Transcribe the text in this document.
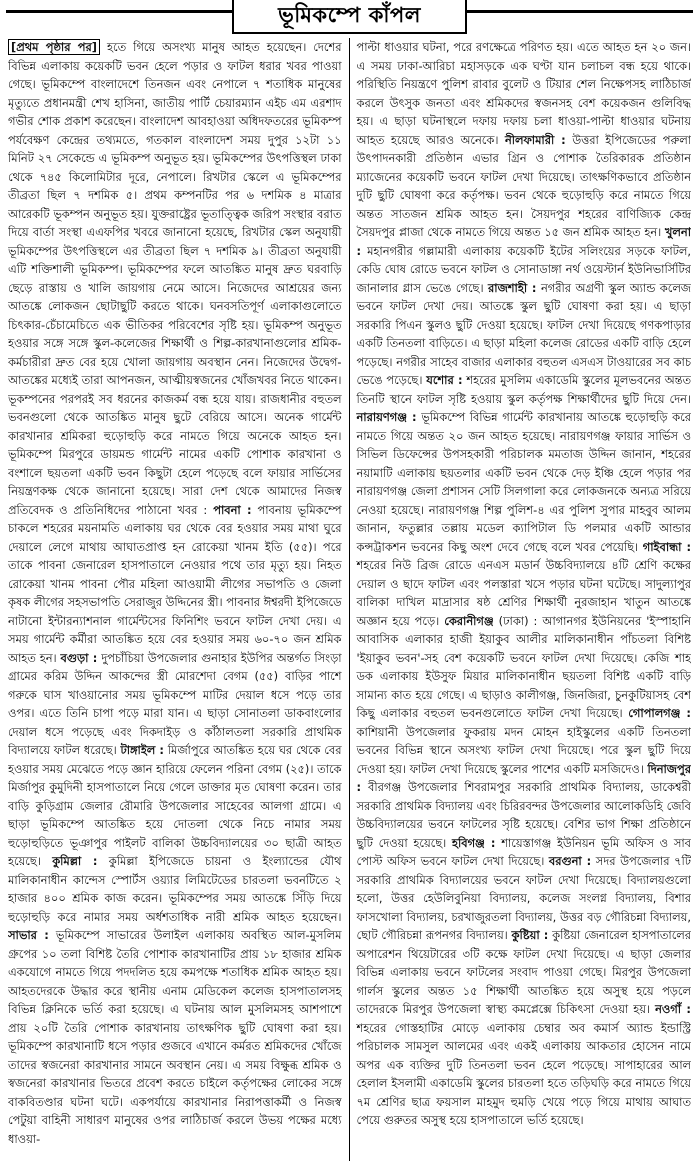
ভূমিকম্পে কাঁপল

[প্রথম পৃষ্ঠার পর] হতে গিয়ে অসংখ্য মানুষ আহত হয়েছেন। দেশের বিভিন্ন এলাকায় কয়েকটি ভবন হেলে পড়ার ও ফাটল ধরার খবর পাওয়া গেছে। ভূমিকম্পে বাংলাদেশে তিনজন এবং নেপালে ৭ শতাধিক মানুষের মৃত্যুতে প্রধানমন্ত্রী শেখ হাসিনা, জাতীয় পার্টি চেয়ারম্যান এইচ এম এরশাদ গভীর শোক প্রকাশ করেছেন। বাংলাদেশ আবহাওয়া অধিদফতরের ভূমিকম্প পর্যবেক্ষণ কেন্দ্রের তথ্যমতে, গতকাল বাংলাদেশ সময় দুপুর ১২টা ১১ মিনিট ২৭ সেকেন্ডে এ ভূমিকম্প অনুভূত হয়। ভূমিকম্পের উৎপত্তিস্থল ঢাকা থেকে ৭৪৫ কিলোমিটার দূরে, নেপালে। রিখটার স্কেলে এ ভূমিকম্পের তীব্রতা ছিল ৭ দশমিক ৫। প্রথম কম্পনটির পর ৬ দশমিক ৪ মাত্রার আরেকটি ভূকম্পন অনুভূত হয়। যুক্তরাষ্ট্রের ভূতাত্ত্বিক জরিপ সংস্থার বরাত দিয়ে বার্তা সংস্থা এএফপির খবরে জানানো হয়েছে, রিখটার স্কেল অনুযায়ী ভূমিকম্পের উৎপত্তিস্থলে এর তীব্রতা ছিল ৭ দশমিক ৯। তীব্রতা অনুযায়ী এটি শক্তিশালী ভূমিকম্প। ভূমিকম্পের ফলে আতঙ্কিত মানুষ দ্রুত ঘরবাড়ি ছেড়ে রাস্তায় ও খালি জায়গায় নেমে আসে। নিজেদের আশ্রয়ের জন্য আতঙ্কে লোকজন ছোটাছুটি করতে থাকে। ঘনবসতিপূর্ণ এলাকাগুলোতে চিৎকার-চেঁচামেচিতে এক ভীতিকর পরিবেশের সৃষ্টি হয়। ভূমিকম্প অনুভূত হওয়ার সঙ্গে সঙ্গে স্কুল-কলেজের শিক্ষার্থী ও শিল্প-কারখানাগুলোর শ্রমিক-কর্মচারীরা দ্রুত বের হয়ে খোলা জায়গায় অবস্থান নেন। নিজেদের উদ্বেগ-আতঙ্কের মধ্যেই তারা আপনজন, আত্মীয়স্বজনের খোঁজখবর নিতে থাকেন। ভূকম্পনের পরপরই সব ধরনের কাজকর্ম বন্ধ হয়ে যায়। রাজধানীর বহুতল ভবনগুলো থেকে আতঙ্কিত মানুষ ছুটে বেরিয়ে আসে। অনেক গার্মেন্ট কারখানার শ্রমিকরা হুড়োহুড়ি করে নামতে গিয়ে অনেকে আহত হন। ভূমিকম্পে মিরপুরে ডায়মন্ড গার্মেন্ট নামের একটি পোশাক কারখানা ও বংশালে ছয়তলা একটি ভবন কিছুটা হেলে পড়েছে বলে ফায়ার সার্ভিসের নিয়ন্ত্রণকক্ষ থেকে জানানো হয়েছে। সারা দেশ থেকে আমাদের নিজস্ব প্রতিবেদক ও প্রতিনিধিদের পাঠানো খবর : পাবনা : পাবনায় ভূমিকম্পে চাকলে শহরের ময়নামতি এলাকায় ঘর থেকে বের হওয়ার সময় মাথা ঘুরে দেয়ালে লেগে মাথায় আঘাতপ্রাপ্ত হন রোকেয়া খানম ইতি (৫৫)। পরে তাকে পাবনা জেনারেল হাসপাতালে নেওয়ার পথে তার মৃত্যু হয়। নিহত রোকেয়া খানম পাবনা পৌর মহিলা আওয়ামী লীগের সভাপতি ও জেলা কৃষক লীগের সহসভাপতি সেরাজুর উদ্দিনের স্ত্রী। পাবনার ঈশ্বরদী ইপিজেডে নাটানো ইন্টারন্যাশনাল গার্মেন্টসের ফিনিশিং ভবনে ফাটল দেখা দেয়। এ সময় গার্মেন্ট কর্মীরা আতঙ্কিত হয়ে বের হওয়ার সময় ৬০-৭০ জন শ্রমিক আহত হন। বগুড়া : দুপচাঁচিয়া উপজেলার গুনাহার ইউপির অন্তর্গত সিংড়া গ্রামের করিম উদ্দিন আকন্দের স্ত্রী মোরশেদা বেগম (৫৫) বাড়ির পাশে গরুকে ঘাস খাওয়ানোর সময় ভূমিকম্পে মাটির দেয়াল ধসে পড়ে তার ওপর। এতে তিনি চাপা পড়ে মারা যান। এ ছাড়া সোনাতলা ডাকবাংলোর দেয়াল ধসে পড়েছে এবং দিকদাইড় ও কাঁঠালতলা সরকারি প্রাথমিক বিদ্যালয়ে ফাটল ধরেছে। টাঙ্গাইল : মির্জাপুরে আতঙ্কিত হয়ে ঘর থেকে বের হওয়ার সময় মেঝেতে পড়ে জ্ঞান হারিয়ে ফেলেন পরিনা বেগম (২৫)। তাকে মির্জাপুর কুমুদিনী হাসপাতালে নিয়ে গেলে ডাক্তার মৃত ঘোষণা করেন। তার বাড়ি কুড়িগ্রাম জেলার রৌমারি উপজেলার সাহেবের আলগা গ্রামে। এ ছাড়া ভূমিকম্পে আতঙ্কিত হয়ে দোতলা থেকে নিচে নামার সময় হুড়োহুড়িতে ভূঞাপুর পাইলট বালিকা উচ্চবিদ্যালয়ের ৩০ ছাত্রী আহত হয়েছে। কুমিল্লা : কুমিল্লা ইপিজেডে চায়না ও ইংল্যান্ডের যৌথ মালিকানাধীন কান্দেস স্পোর্টস ওয়্যার লিমিটেডের চারতলা ভবনটিতে ২ হাজার ৪০০ শ্রমিক কাজ করেন। ভূমিকম্পের সময় আতঙ্কে সিঁড়ি দিয়ে হুড়োহুড়ি করে নামার সময় অর্ধশতাধিক নারী শ্রমিক আহত হয়েছেন। সাভার : ভূমিকম্পে সাভারের উলাইল এলাকায় অবস্থিত আল-মুসলিম গ্রুপের ১০ তলা বিশিষ্ট তৈরি পোশাক কারখানাটির প্রায় ১৮ হাজার শ্রমিক একযোগে নামতে গিয়ে পদদলিত হয়ে কমপক্ষে শতাধিক শ্রমিক আহত হয়। আহতদেরকে উদ্ধার করে স্থানীয় এনাম মেডিকেল কলেজ হাসপাতালসহ বিভিন্ন ক্লিনিকে ভর্তি করা হয়েছে। এ ঘটনায় আল মুসলিমসহ আশপাশে প্রায় ২০টি তৈরি পোশাক কারখানায় তাৎক্ষণিক ছুটি ঘোষণা করা হয়। ভূমিকম্পে কারখানাটি ধসে পড়ার গুজবে এখানে কর্মরত শ্রমিকদের খোঁজে তাদের স্বজনেরা কারখানার সামনে অবস্থান নেয়। এ সময় বিক্ষুব্ধ শ্রমিক ও স্বজনেরা কারখানার ভিতরে প্রবেশ করতে চাইলে কর্তৃপক্ষের লোকের সঙ্গে বাকবিতণ্ডার ঘটনা ঘটে। একপর্যায়ে কারখানার নিরাপত্তাকর্মী ও নিজস্ব পেটুয়া বাহিনী সাধারণ মানুষের ওপর লাঠিচার্জ করলে উভয় পক্ষের মধ্যে ধাওয়া-

পাল্টা ধাওয়ার ঘটনা, পরে রণক্ষেত্রে পরিণত হয়। এতে আহত হন ২০ জন। এ সময় ঢাকা-আরিচা মহাসড়কে এক ঘণ্টা যান চলাচল বন্ধ হয়ে থাকে। পরিস্থিতি নিয়ন্ত্রণে পুলিশ রাবার বুলেট ও টিয়ার শেল নিক্ষেপসহ লাঠিচার্জ করলে উৎসুক জনতা এবং শ্রমিকদের স্বজনসহ বেশ কয়েকজন গুলিবিদ্ধ হয়। এ ছাড়া ঘটনাস্থলে দফায় দফায় চলা ধাওয়া-পাল্টা ধাওয়ার ঘটনায় আহত হয়েছে আরও অনেকে। নীলফামারী : উত্তরা ইপিজেডের পরুলা উৎপাদনকারী প্রতিষ্ঠান এভার গ্রিন ও পোশাক তৈরিকারক প্রতিষ্ঠান ম্যাজেনের কয়েকটি ভবনে ফাটল দেখা দিয়েছে। তাৎক্ষণিকভাবে প্রতিষ্ঠান দুটি ছুটি ঘোষণা করে কর্তৃপক্ষ। ভবন থেকে হুড়োহুড়ি করে নামতে গিয়ে অন্তত সাতজন শ্রমিক আহত হন। সৈয়দপুর শহরের বাণিজ্যিক কেন্দ্র সৈয়দপুর প্লাজা থেকে নামতে গিয়ে অন্তত ১৫ জন শ্রমিক আহত হন। খুলনা : মহানগরীর গল্লামারী এলাকায় কয়েকটি ইটের সলিংয়ের সড়কে ফাটল, কেডি ঘোষ রোডে ভবনে ফাটল ও সোনাডাঙ্গা নর্থ ওয়েস্টার্ন ইউনিভার্সিটির জানালার গ্লাস ভেঙে গেছে। রাজশাহী : নগরীর অগ্রণী স্কুল অ্যান্ড কলেজ ভবনে ফাটল দেখা দেয়। আতঙ্কে স্কুল ছুটি ঘোষণা করা হয়। এ ছাড়া সরকারি পিএন স্কুলও ছুটি দেওয়া হয়েছে। ফাটল দেখা দিয়েছে গণকপাড়ার একটি তিনতলা বাড়িতে। এ ছাড়া মহিলা কলেজ রোডের একটি বাড়ি হেলে পড়েছে। নগরীর সাহেব বাজার এলাকার বহুতল এসএস টাওয়ারের সব কাচ ভেঙে পড়েছে। যশোর : শহরের মুসলিম একাডেমি স্কুলের মূলভবনের অন্তত তিনটি স্থানে ফাটল সৃষ্টি হওয়ায় স্কুল কর্তৃপক্ষ শিক্ষার্থীদের ছুটি দিয়ে দেন। নারায়ণগঞ্জ : ভূমিকম্পে বিভিন্ন গার্মেন্ট কারখানায় আতঙ্কে হুড়োহুড়ি করে নামতে গিয়ে অন্তত ২০ জন আহত হয়েছে। নারায়ণগঞ্জ ফায়ার সার্ভিস ও সিভিল ডিফেন্সের উপসহকারী পরিচালক মমতাজ উদ্দিন জানান, শহরের নয়ামাটি এলাকায় ছয়তলার একটি ভবন থেকে দেড় ইঞ্চি হেলে পড়ার পর নারায়ণগঞ্জ জেলা প্রশাসন সেটি সিলগালা করে লোকজনকে অন্যত্র সরিয়ে নেওয়া হয়েছে। নারায়ণগঞ্জ শিল্প পুলিশ-৪ এর পুলিশ সুপার মাহবুব আলম জানান, ফতুল্লার তল্লায় মডেল ক্যাপিটাল ডি পলমার একটি আন্ডার কন্সট্রাকশন ভবনের কিছু অংশ দেবে গেছে বলে খবর পেয়েছি। গাইবান্ধা : শহরের নিউ ব্রিজ রোডে এনএস মডার্ন উচ্চবিদ্যালয়ে ৪টি শ্রেণি কক্ষের দেয়াল ও ছাদে ফাটল এবং পলস্তারা খসে পড়ার ঘটনা ঘটেছে। সাদুল্যাপুর বালিকা দাখিল মাদ্রাসার ষষ্ঠ শ্রেণির শিক্ষার্থী নুরজাহান খাতুন আতঙ্কে অজ্ঞান হয়ে পড়ে। কেরানীগঞ্জ (ঢাকা) : আগানগর ইউনিয়নের 'ইস্পাহানি আবাসিক এলাকার হাজী ইয়াকুব আলীর মালিকানাধীন পাঁচতলা বিশিষ্ট 'ইয়াকুব ভবন'-সহ বেশ কয়েকটি ভবনে ফাটল দেখা দিয়েছে। কেজি শাহ ডক এলাকায় ইউসুফ মিয়ার মালিকানাধীন ছয়তলা বিশিষ্ট একটি বাড়ি সামান্য কাত হয়ে গেছে। এ ছাড়াও কালীগঞ্জ, জিনজিরা, চুনকুটিয়াসহ বেশ কিছু এলাকার বহুতল ভবনগুলোতে ফাটল দেখা দিয়েছে। গোপালগঞ্জ : কাশিয়ানী উপজেলার ফুকরায় মদন মোহন হাইস্কুলের একটি তিনতলা ভবনের বিভিন্ন স্থানে অসংখ্য ফাটল দেখা দিয়েছে। পরে স্কুল ছুটি দিয়ে দেওয়া হয়। ফাটল দেখা দিয়েছে স্কুলের পাশের একটি মসজিদেও। দিনাজপুর : বীরগঞ্জ উপজেলার শিবরামপুর সরকারি প্রাথমিক বিদ্যালয়, ডাকেশ্বরী সরকারি প্রাথমিক বিদ্যালয় এবং চিরিরবন্দর উপজেলার আলোকডিহি জেবি উচ্চবিদ্যালয়ের ভবনে ফাটলের সৃষ্টি হয়েছে। বেশির ভাগ শিক্ষা প্রতিষ্ঠানে ছুটি দেওয়া হয়েছে। হবিগঞ্জ : শায়েস্তাগঞ্জ ইউনিয়ন ভূমি অফিস ও সাব পোস্ট অফিস ভবনে ফাটল দেখা দিয়েছে। বরগুনা : সদর উপজেলার ৭টি সরকারি প্রাথমিক বিদ্যালয়ের ভবনে ফাটল দেখা দিয়েছে। বিদ্যালয়গুলো হলো, উত্তর হেউলিবুনিয়া বিদ্যালয়, কলেজ সংলগ্ন বিদ্যালয়, বিশার ফাসখোলা বিদ্যালয়, চরখাজুরতলা বিদ্যালয়, উত্তর বড় গৌরিচন্না বিদ্যালয়, ছোট গৌরিচন্না রূপনগর বিদ্যালয়। কুষ্টিয়া : কুষ্টিয়া জেনারেল হাসপাতালের অপারেশন থিয়েটারের ৩টি কক্ষে ফাটল দেখা দিয়েছে। এ ছাড়া জেলার বিভিন্ন এলাকায় ভবনে ফাটলের সংবাদ পাওয়া গেছে। মিরপুর উপজেলা গার্লস স্কুলের অন্তত ১৫ শিক্ষার্থী আতঙ্কিত হয়ে অসুস্থ হয়ে পড়লে তাদেরকে মিরপুর উপজেলা স্বাস্থ্য কমপ্লেক্সে চিকিৎসা দেওয়া হয়। নওগাঁ : শহরের গোস্তহাটির মোড়ে এলাকায় চেম্বার অব কমার্স অ্যান্ড ইন্ডাস্ট্রি পরিচালক সামসুল আলমের এবং একই এলাকায় আকতার হোসেন নামে অপর এক ব্যক্তির দুটি তিনতলা ভবন হেলে পড়েছে। সাপাহারের আল হেলাল ইসলামী একাডেমি স্কুলের চারতলা হতে তড়িঘড়ি করে নামতে গিয়ে ৭ম শ্রেণির ছাত্র ফয়সাল মাহমুদ হুমড়ি খেয়ে পড়ে গিয়ে মাথায় আঘাত পেয়ে গুরুতর অসুস্থ হয়ে হাসপাতালে ভর্তি হয়েছে।
